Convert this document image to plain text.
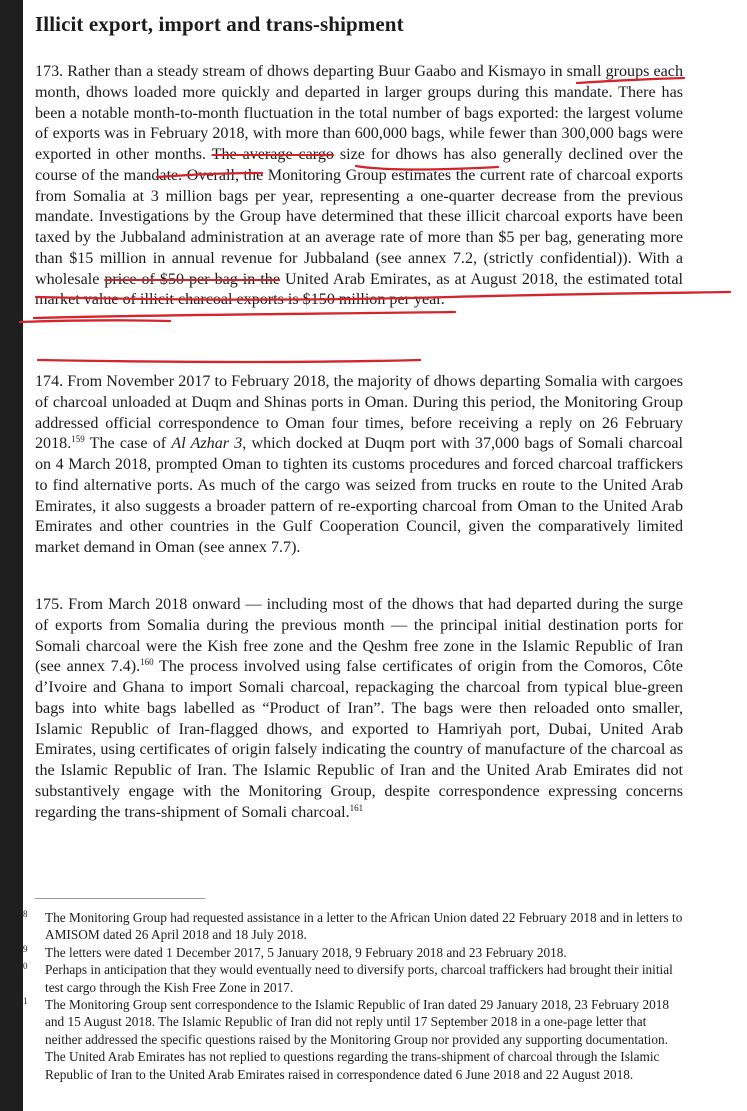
Illicit export, import and trans-shipment

173. Rather than a steady stream of dhows departing Buur Gaabo and Kismayo in small groups each month, dhows loaded more quickly and departed in larger groups during this mandate. There has been a notable month-to-month fluctuation in the total number of bags exported: the largest volume of exports was in February 2018, with more than 600,000 bags, while fewer than 300,000 bags were exported in other months. The average cargo size for dhows has also generally declined over the course of the mandate. Overall, the Monitoring Group estimates the current rate of charcoal exports from Somalia at 3 million bags per year, representing a one-quarter decrease from the previous mandate. Investigations by the Group have determined that these illicit charcoal exports have been taxed by the Jubbaland administration at an average rate of more than $5 per bag, generating more than $15 million in annual revenue for Jubbaland (see annex 7.2, (strictly confidential)). With a wholesale price of $50 per bag in the United Arab Emirates, as at August 2018, the estimated total market value of illicit charcoal exports is $150 million per year.

174. From November 2017 to February 2018, the majority of dhows departing Somalia with cargoes of charcoal unloaded at Duqm and Shinas ports in Oman. During this period, the Monitoring Group addressed official correspondence to Oman four times, before receiving a reply on 26 February 2018.$^{159}$ The case of Al Azhar 3, which docked at Duqm port with 37,000 bags of Somali charcoal on 4 March 2018, prompted Oman to tighten its customs procedures and forced charcoal traffickers to find alternative ports. As much of the cargo was seized from trucks en route to the United Arab Emirates, it also suggests a broader pattern of re-exporting charcoal from Oman to the United Arab Emirates and other countries in the Gulf Cooperation Council, given the comparatively limited market demand in Oman (see annex 7.7).

175. From March 2018 onward — including most of the dhows that had departed during the surge of exports from Somalia during the previous month — the principal initial destination ports for Somali charcoal were the Kish free zone and the Qeshm free zone in the Islamic Republic of Iran (see annex 7.4).$^{160}$ The process involved using false certificates of origin from the Comoros, Côte d’Ivoire and Ghana to import Somali charcoal, repackaging the charcoal from typical blue-green bags into white bags labelled as “Product of Iran”. The bags were then reloaded onto smaller, Islamic Republic of Iran-flagged dhows, and exported to Hamriyah port, Dubai, United Arab Emirates, using certificates of origin falsely indicating the country of manufacture of the charcoal as the Islamic Republic of Iran. The Islamic Republic of Iran and the United Arab Emirates did not substantively engage with the Monitoring Group, despite correspondence expressing concerns regarding the trans-shipment of Somali charcoal.$^{161}$

8 The Monitoring Group had requested assistance in a letter to the African Union dated 22 February 2018 and in letters to AMISOM dated 26 April 2018 and 18 July 2018.

9 The letters were dated 1 December 2017, 5 January 2018, 9 February 2018 and 23 February 2018.

0 Perhaps in anticipation that they would eventually need to diversify ports, charcoal traffickers had brought their initial test cargo through the Kish Free Zone in 2017.

1 The Monitoring Group sent correspondence to the Islamic Republic of Iran dated 29 January 2018, 23 February 2018 and 15 August 2018. The Islamic Republic of Iran did not reply until 17 September 2018 in a one-page letter that neither addressed the specific questions raised by the Monitoring Group nor provided any supporting documentation. The United Arab Emirates has not replied to questions regarding the trans-shipment of charcoal through the Islamic Republic of Iran to the United Arab Emirates raised in correspondence dated 6 June 2018 and 22 August 2018.
